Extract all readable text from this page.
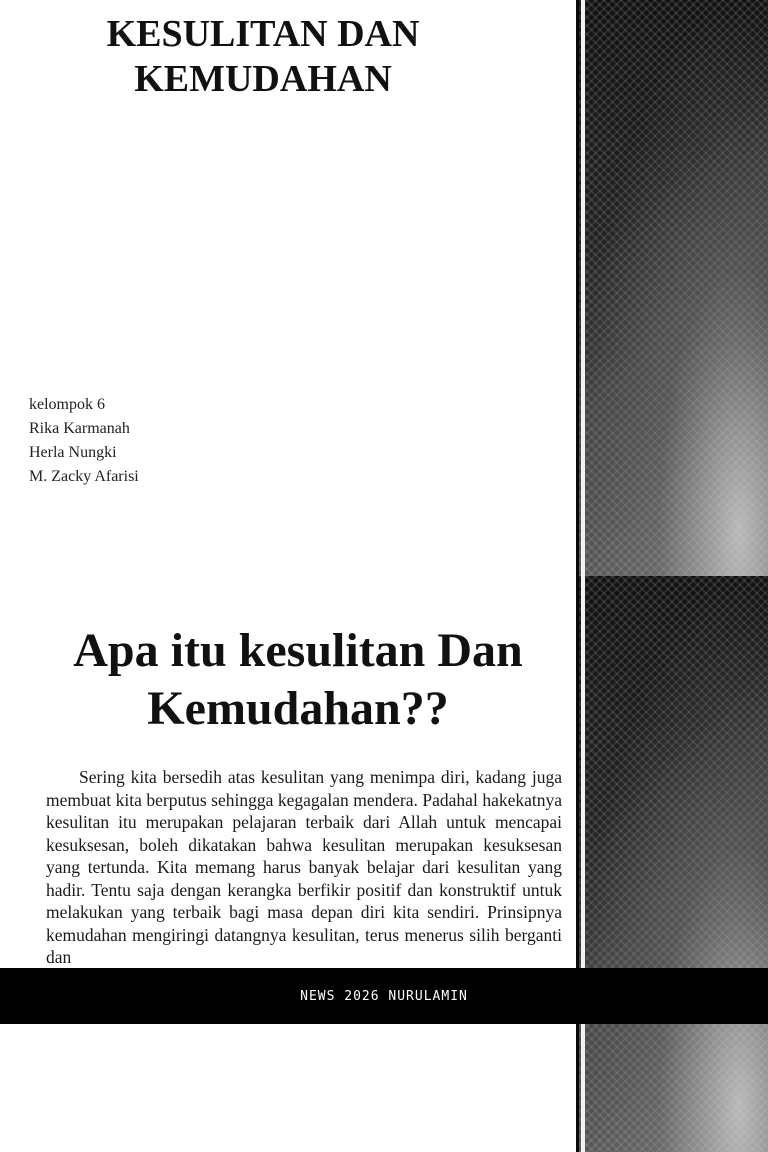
KESULITAN DAN KEMUDAHAN
kelompok 6
Rika Karmanah
Herla Nungki
M. Zacky Afarisi
Apa itu kesulitan Dan Kemudahan??

Sering kita bersedih atas kesulitan yang menimpa diri, kadang juga membuat kita berputus sehingga kegagalan mendera. Padahal hakekatnya kesulitan itu merupakan pelajaran terbaik dari Allah untuk mencapai kesuksesan, boleh dikatakan bahwa kesulitan merupakan kesuksesan yang tertunda. Kita memang harus banyak belajar dari kesulitan yang hadir. Tentu saja dengan kerangka berfikir positif dan konstruktif untuk melakukan yang terbaik bagi masa depan diri kita sendiri. Prinsipnya kemudahan mengiringi datangnya kesulitan, terus menerus silih berganti dan

NEWS 2026 NURULAMIN
